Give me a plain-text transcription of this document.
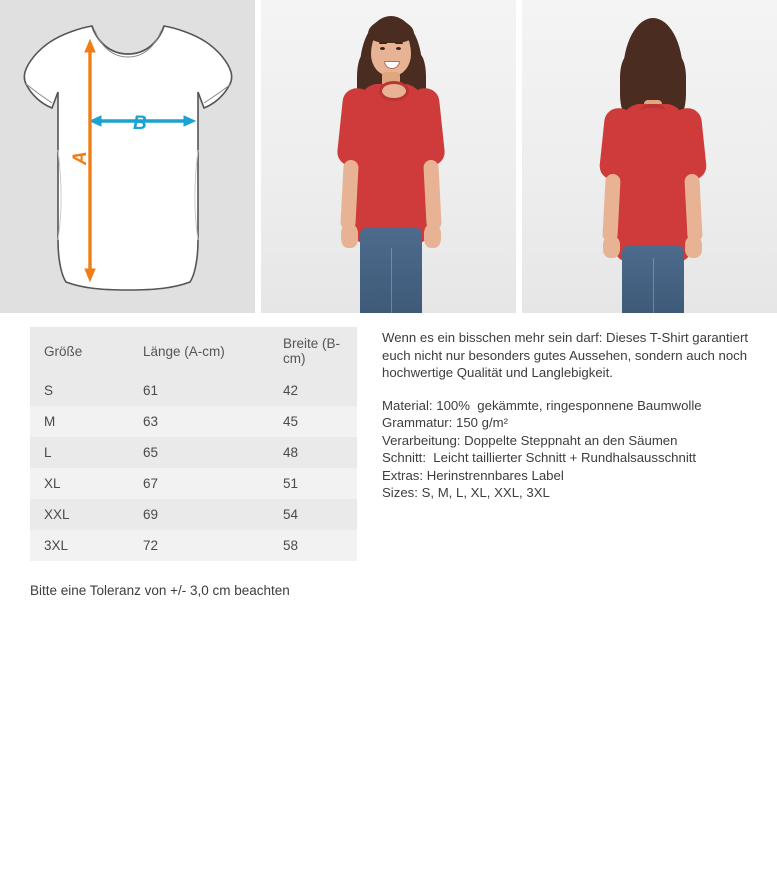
B
A
Größe	Länge (A-cm)	Breite (B-cm)
S	61	42
M	63	45
L	65	48
XL	67	51
XXL	69	54
3XL	72	58

Wenn es ein bisschen mehr sein darf: Dieses T-Shirt garantiert euch nicht nur besonders gutes Aussehen, sondern auch noch hochwertige Qualität und Langlebigkeit.

Material: 100%  gekämmte, ringesponnene Baumwolle

Grammatur: 150 g/m²

Verarbeitung: Doppelte Steppnaht an den Säumen

Schnitt:  Leicht taillierter Schnitt + Rundhalsausschnitt

Extras: Herinstrennbares Label

Sizes: S, M, L, XL, XXL, 3XL

Bitte eine Toleranz von +/- 3,0 cm beachten
